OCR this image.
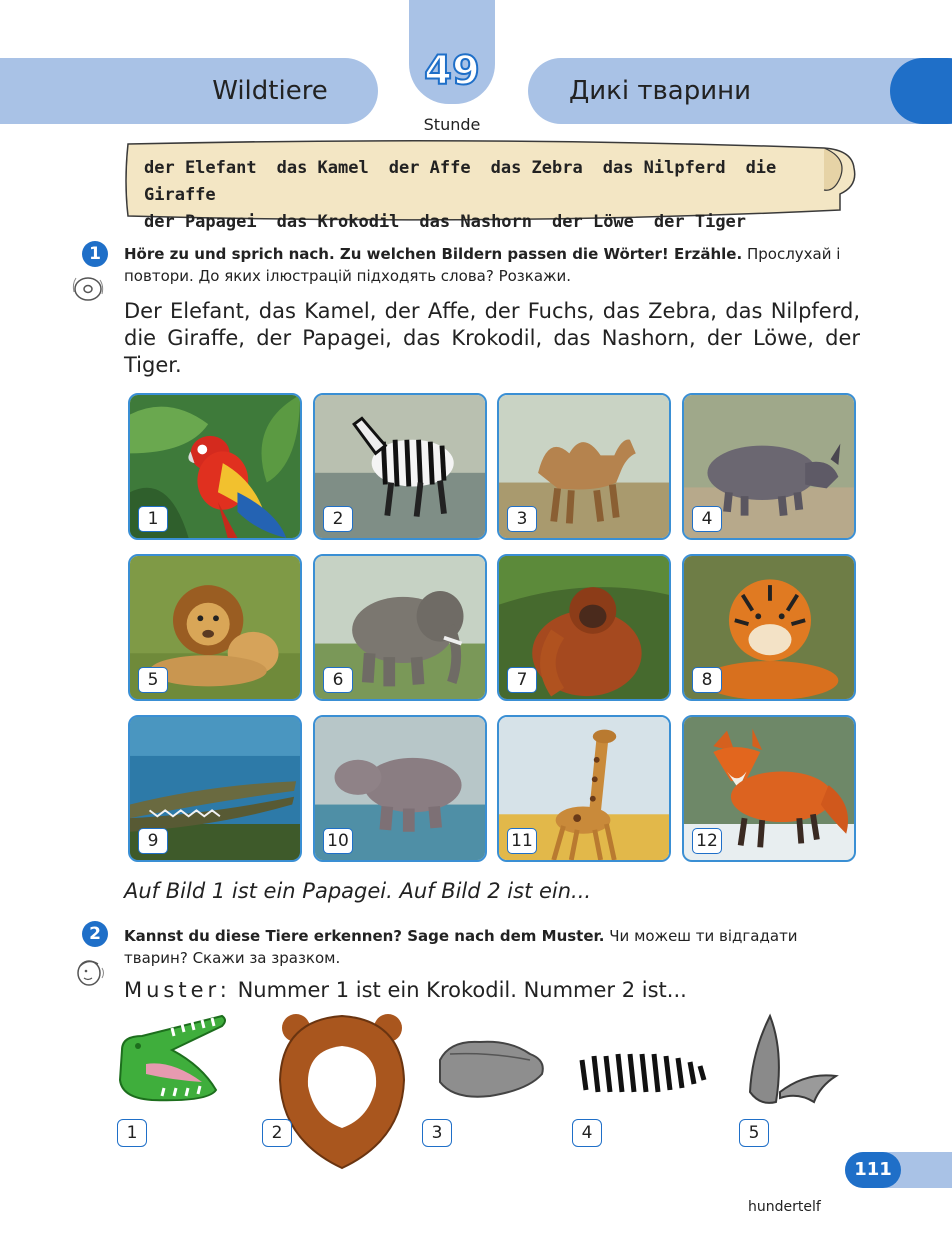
Wildtiere	Дикі тварини
49
Stunde
der Elefant das Kamel der Affe das Zebra das Nilpferd die Giraffe
der Papagei das Krokodil das Nashorn der Löwe der Tiger
1	Höre zu und sprich nach. Zu welchen Bildern passen die Wörter! Erzähle. Прослухай і повтори. До яких ілюстрацій підходять слова? Розкажи.
Der Elefant, das Kamel, der Affe, der Fuchs, das Zebra, das Nilpferd, die Giraffe, der Papagei, das Krokodil, das Nashorn, der Löwe, der Tiger.
1	2	3	4
5	6	7	8
9	10	11	12
Auf Bild 1 ist ein Papagei. Auf Bild 2 ist ein...
2	Kannst du diese Tiere erkennen? Sage nach dem Muster. Чи можеш ти відгадати тварин? Скажи за зразком.
Muster: Nummer 1 ist ein Krokodil. Nummer 2 ist...
1	2	3	4	5
hundertelf
111
